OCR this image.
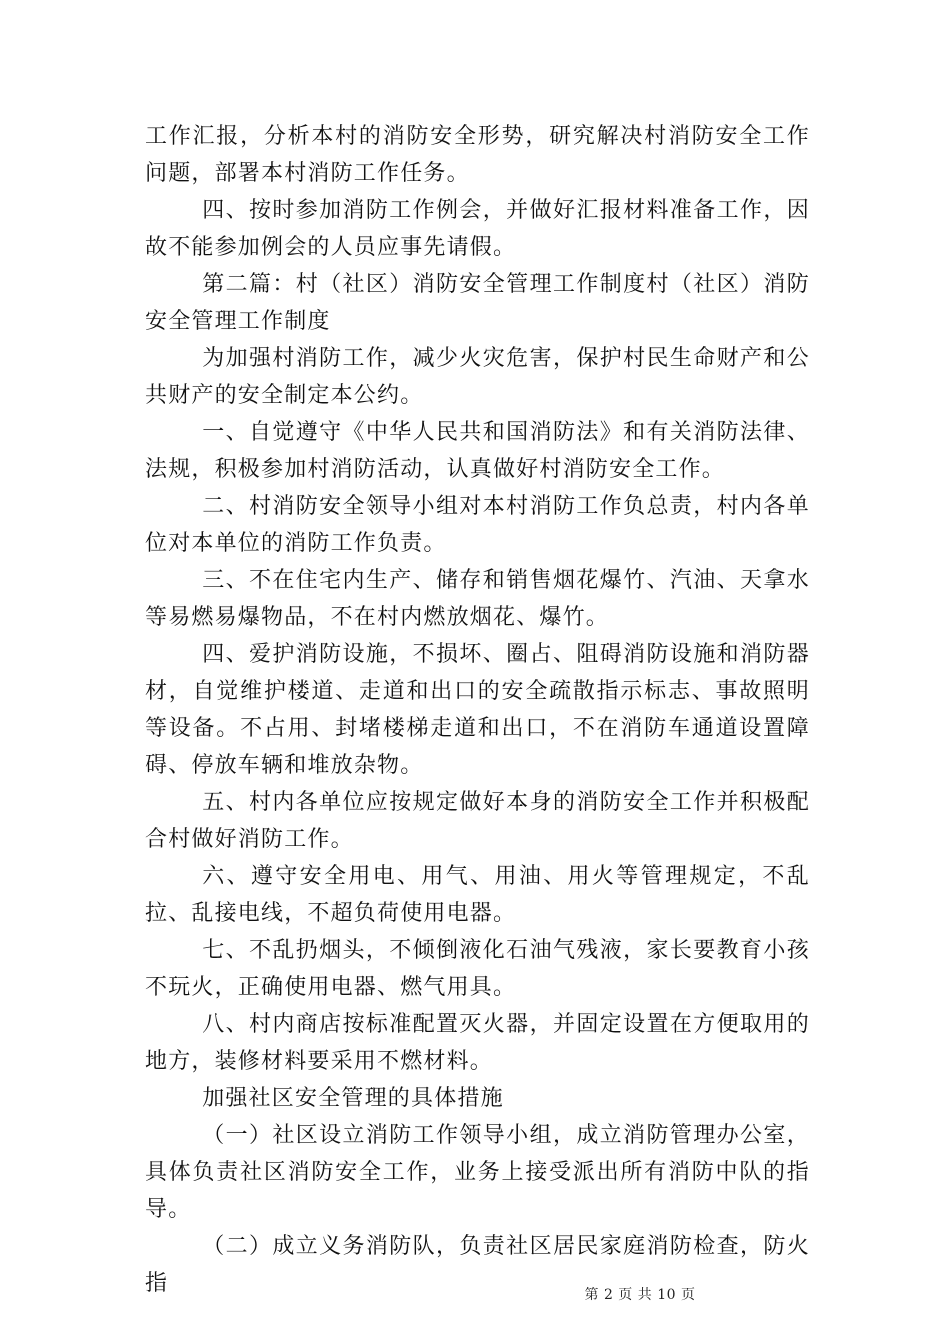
工作汇报，分析本村的消防安全形势，研究解决村消防安全工作问题，部署本村消防工作任务。

四、按时参加消防工作例会，并做好汇报材料准备工作，因故不能参加例会的人员应事先请假。

第二篇：村（社区）消防安全管理工作制度村（社区）消防安全管理工作制度

为加强村消防工作，减少火灾危害，保护村民生命财产和公共财产的安全制定本公约。

一、自觉遵守《中华人民共和国消防法》和有关消防法律、法规，积极参加村消防活动，认真做好村消防安全工作。

二、村消防安全领导小组对本村消防工作负总责，村内各单位对本单位的消防工作负责。

三、不在住宅内生产、储存和销售烟花爆竹、汽油、天拿水等易燃易爆物品，不在村内燃放烟花、爆竹。

四、爱护消防设施，不损坏、圈占、阻碍消防设施和消防器材，自觉维护楼道、走道和出口的安全疏散指示标志、事故照明等设备。不占用、封堵楼梯走道和出口，不在消防车通道设置障碍、停放车辆和堆放杂物。

五、村内各单位应按规定做好本身的消防安全工作并积极配合村做好消防工作。

六、遵守安全用电、用气、用油、用火等管理规定，不乱拉、乱接电线，不超负荷使用电器。

七、不乱扔烟头，不倾倒液化石油气残液，家长要教育小孩不玩火，正确使用电器、燃气用具。

八、村内商店按标准配置灭火器，并固定设置在方便取用的地方，装修材料要采用不燃材料。

加强社区安全管理的具体措施

（一）社区设立消防工作领导小组，成立消防管理办公室，具体负责社区消防安全工作，业务上接受派出所有消防中队的指导。

（二）成立义务消防队，负责社区居民家庭消防检查，防火指	第 2 页 共 10 页
